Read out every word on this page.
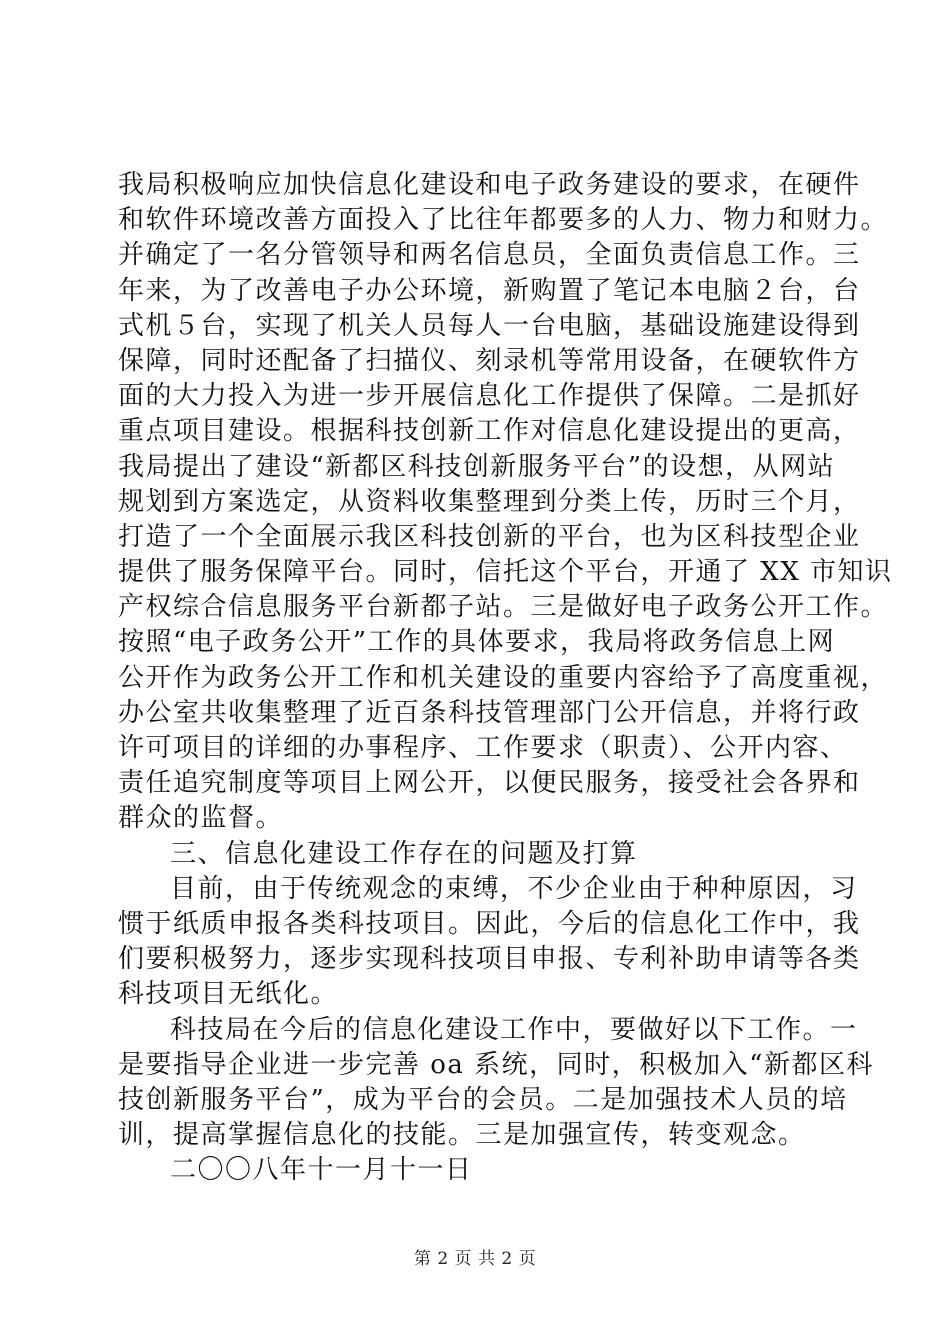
我局积极响应加快信息化建设和电子政务建设的要求，在硬件
和软件环境改善方面投入了比往年都要多的人力、物力和财力。
并确定了一名分管领导和两名信息员，全面负责信息工作。三
年来，为了改善电子办公环境，新购置了笔记本电脑２台，台
式机５台，实现了机关人员每人一台电脑，基础设施建设得到
保障，同时还配备了扫描仪、刻录机等常用设备，在硬软件方
面的大力投入为进一步开展信息化工作提供了保障。二是抓好
重点项目建设。根据科技创新工作对信息化建设提出的更高，
我局提出了建设“新都区科技创新服务平台”的设想，从网站
规划到方案选定，从资料收集整理到分类上传，历时三个月，
打造了一个全面展示我区科技创新的平台，也为区科技型企业
提供了服务保障平台。同时，信托这个平台，开通了 XX 市知识
产权综合信息服务平台新都子站。三是做好电子政务公开工作。
按照“电子政务公开”工作的具体要求，我局将政务信息上网
公开作为政务公开工作和机关建设的重要内容给予了高度重视，
办公室共收集整理了近百条科技管理部门公开信息，并将行政
许可项目的详细的办事程序、工作要求（职责）、公开内容、
责任追究制度等项目上网公开，以便民服务，接受社会各界和
群众的监督。
三、信息化建设工作存在的问题及打算
目前，由于传统观念的束缚，不少企业由于种种原因，习
惯于纸质申报各类科技项目。因此，今后的信息化工作中，我
们要积极努力，逐步实现科技项目申报、专利补助申请等各类
科技项目无纸化。
科技局在今后的信息化建设工作中，要做好以下工作。一
是要指导企业进一步完善 oa 系统，同时，积极加入“新都区科
技创新服务平台”，成为平台的会员。二是加强技术人员的培
训，提高掌握信息化的技能。三是加强宣传，转变观念。
二〇〇八年十一月十一日
第 2 页 共 2 页
